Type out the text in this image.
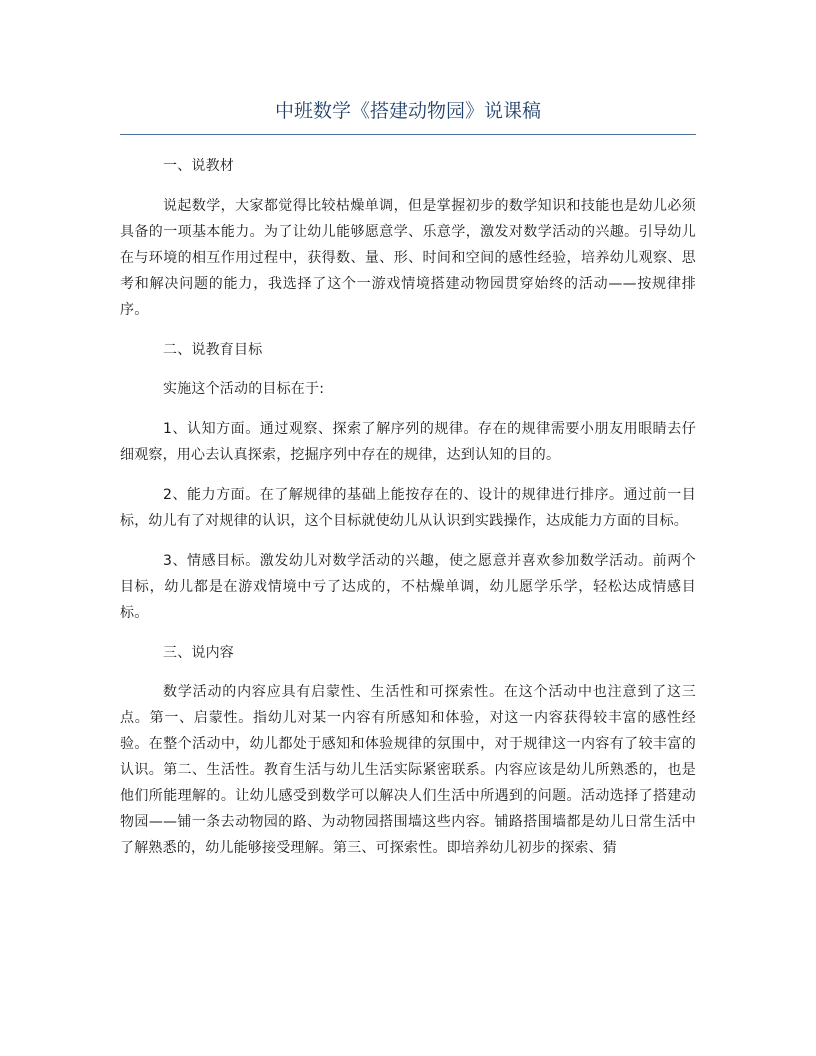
中班数学《搭建动物园》说课稿

一、说教材

说起数学，大家都觉得比较枯燥单调，但是掌握初步的数学知识和技能也是幼儿必须具备的一项基本能力。为了让幼儿能够愿意学、乐意学，激发对数学活动的兴趣。引导幼儿在与环境的相互作用过程中，获得数、量、形、时间和空间的感性经验，培养幼儿观察、思考和解决问题的能力，我选择了这个一游戏情境搭建动物园贯穿始终的活动——按规律排序。

二、说教育目标

实施这个活动的目标在于:

1、认知方面。通过观察、探索了解序列的规律。存在的规律需要小朋友用眼睛去仔细观察，用心去认真探索，挖掘序列中存在的规律，达到认知的目的。

2、能力方面。在了解规律的基础上能按存在的、设计的规律进行排序。通过前一目标，幼儿有了对规律的认识，这个目标就使幼儿从认识到实践操作，达成能力方面的目标。

3、情感目标。激发幼儿对数学活动的兴趣，使之愿意并喜欢参加数学活动。前两个目标，幼儿都是在游戏情境中亏了达成的，不枯燥单调，幼儿愿学乐学，轻松达成情感目标。

三、说内容

数学活动的内容应具有启蒙性、生活性和可探索性。在这个活动中也注意到了这三点。第一、启蒙性。指幼儿对某一内容有所感知和体验，对这一内容获得较丰富的感性经验。在整个活动中，幼儿都处于感知和体验规律的氛围中，对于规律这一内容有了较丰富的认识。第二、生活性。教育生活与幼儿生活实际紧密联系。内容应该是幼儿所熟悉的，也是他们所能理解的。让幼儿感受到数学可以解决人们生活中所遇到的问题。活动选择了搭建动物园——铺一条去动物园的路、为动物园搭围墙这些内容。铺路搭围墙都是幼儿日常生活中了解熟悉的，幼儿能够接受理解。第三、可探索性。即培养幼儿初步的探索、猜
